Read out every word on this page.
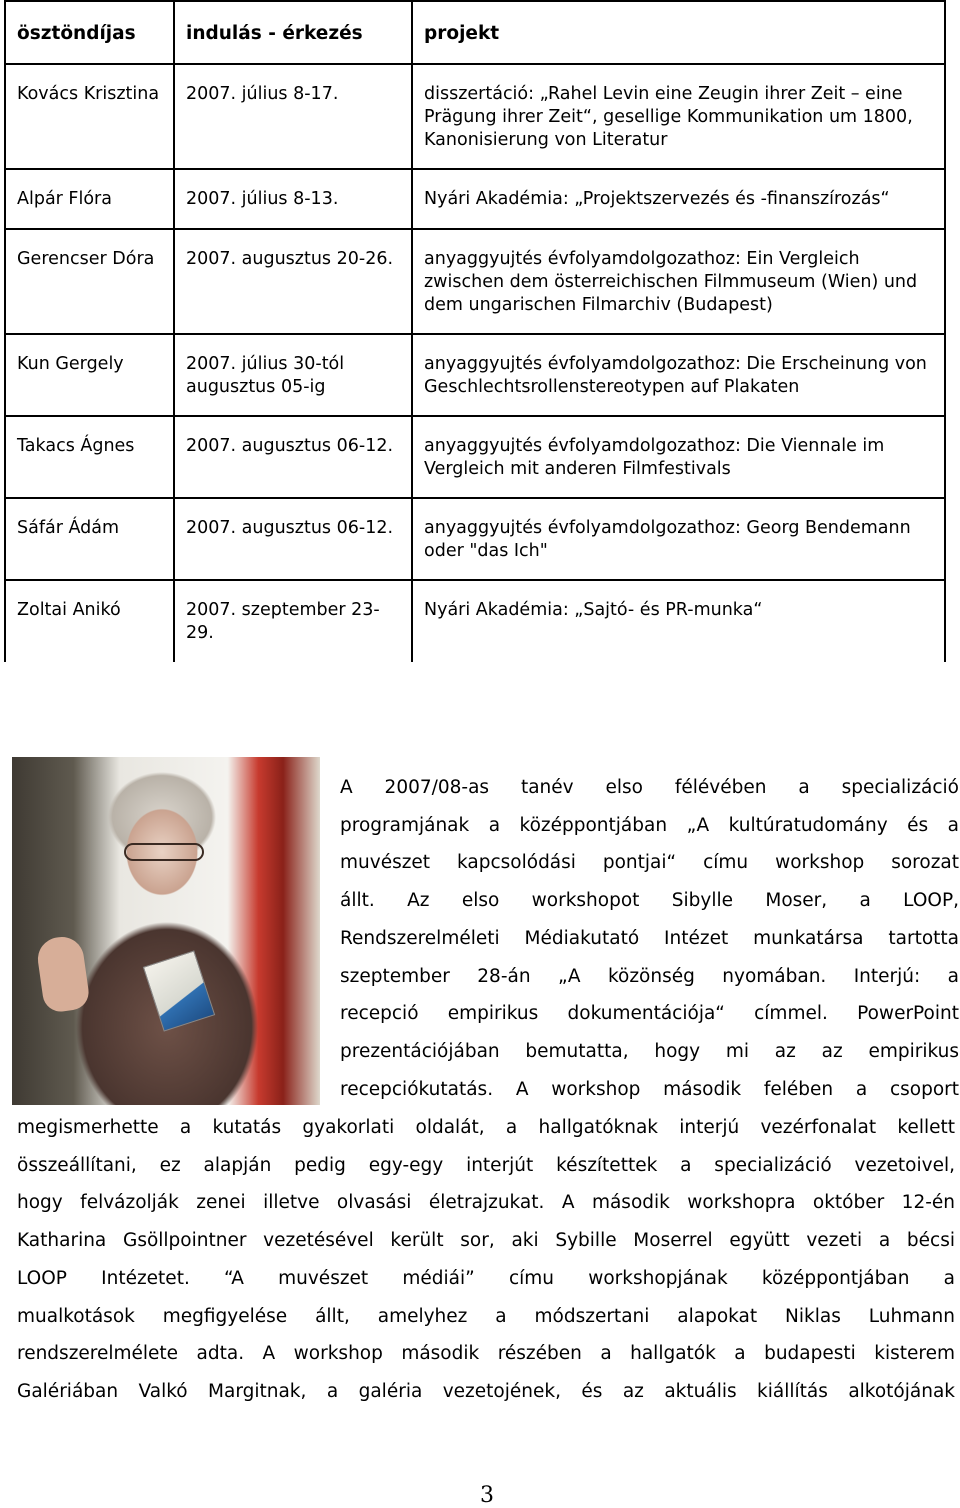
ösztöndíjas	indulás - érkezés	projekt
Kovács Krisztina	2007. július 8-17.	disszertáció: „Rahel Levin eine Zeugin ihrer Zeit – eine Prägung ihrer Zeit“, gesellige Kommunikation um 1800, Kanonisierung von Literatur
Alpár Flóra	2007. július 8-13.	Nyári Akadémia: „Projektszervezés és -finanszírozás“
Gerencser Dóra	2007. augusztus 20-26.	anyaggyujtés évfolyamdolgozathoz: Ein Vergleich zwischen dem österreichischen Filmmuseum (Wien) und dem ungarischen Filmarchiv (Budapest)
Kun Gergely	2007. július 30-tól augusztus 05-ig	anyaggyujtés évfolyamdolgozathoz: Die Erscheinung von Geschlechtsrollenstereotypen auf Plakaten
Takacs Ágnes	2007. augusztus 06-12.	anyaggyujtés évfolyamdolgozathoz: Die Viennale im Vergleich mit anderen Filmfestivals
Sáfár Ádám	2007. augusztus 06-12.	anyaggyujtés évfolyamdolgozathoz: Georg Bendemann oder "das Ich"
Zoltai Anikó	2007. szeptember 23-29.	Nyári Akadémia: „Sajtó- és PR-munka“
A 2007/08-as tanév elso félévében a specializáció
programjának a középpontjában „A kultúratudomány és a
muvészet kapcsolódási pontjai“ címu workshop sorozat
állt. Az elso workshopot Sibylle Moser, a LOOP,
Rendszerelméleti Médiakutató Intézet munkatársa tartotta
szeptember 28-án „A közönség nyomában. Interjú: a
recepció empirikus dokumentációja“ címmel. PowerPoint
prezentációjában bemutatta, hogy mi az az empirikus
recepciókutatás. A workshop második felében a csoport
megismerhette a kutatás gyakorlati oldalát, a hallgatóknak interjú vezérfonalat kellett
összeállítani, ez alapján pedig egy-egy interjút készítettek a specializáció vezetoivel,
hogy felvázolják zenei illetve olvasási életrajzukat. A második workshopra október 12-én
Katharina Gsöllpointner vezetésével került sor, aki Sybille Moserrel együtt vezeti a bécsi
LOOP Intézetet. “A muvészet médiái” címu workshopjának középpontjában a
mualkotások megfigyelése állt, amelyhez a módszertani alapokat Niklas Luhmann
rendszerelmélete adta. A workshop második részében a hallgatók a budapesti kisterem
Galériában Valkó Margitnak, a galéria vezetojének, és az aktuális kiállítás alkotójának
3
